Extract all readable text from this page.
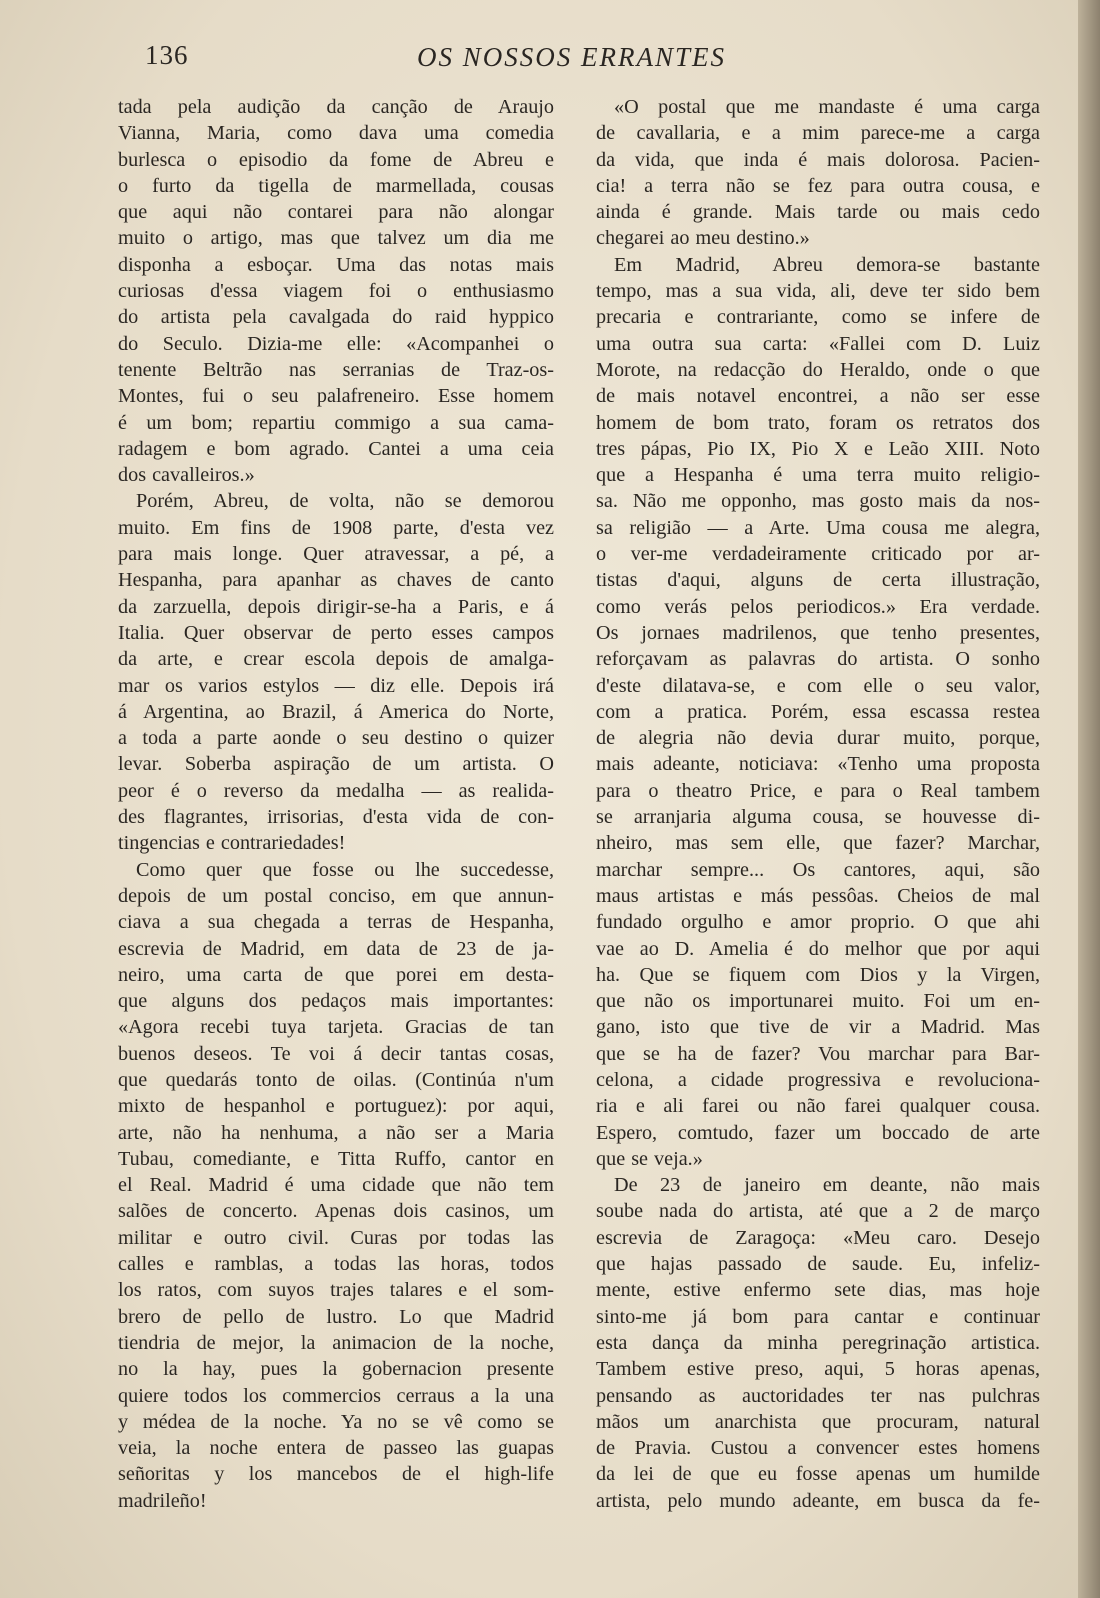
136	OS NOSSOS ERRANTES
tada pela audição da canção de Araujo
Vianna, Maria, como dava uma comedia
burlesca o episodio da fome de Abreu e
o furto da tigella de marmellada, cousas
que aqui não contarei para não alongar
muito o artigo, mas que talvez um dia me
disponha a esboçar. Uma das notas mais
curiosas d'essa viagem foi o enthusiasmo
do artista pela cavalgada do raid hyppico
do Seculo. Dizia-me elle: «Acompanhei o
tenente Beltrão nas serranias de Traz-os-
Montes, fui o seu palafreneiro. Esse homem
é um bom; repartiu commigo a sua cama-
radagem e bom agrado. Cantei a uma ceia
dos cavalleiros.»
Porém, Abreu, de volta, não se demorou
muito. Em fins de 1908 parte, d'esta vez
para mais longe. Quer atravessar, a pé, a
Hespanha, para apanhar as chaves de canto
da zarzuella, depois dirigir-se-ha a Paris, e á
Italia. Quer observar de perto esses campos
da arte, e crear escola depois de amalga-
mar os varios estylos — diz elle. Depois irá
á Argentina, ao Brazil, á America do Norte,
a toda a parte aonde o seu destino o quizer
levar. Soberba aspiração de um artista. O
peor é o reverso da medalha — as realida-
des flagrantes, irrisorias, d'esta vida de con-
tingencias e contrariedades!
Como quer que fosse ou lhe succedesse,
depois de um postal conciso, em que annun-
ciava a sua chegada a terras de Hespanha,
escrevia de Madrid, em data de 23 de ja-
neiro, uma carta de que porei em desta-
que alguns dos pedaços mais importantes:
«Agora recebi tuya tarjeta. Gracias de tan
buenos deseos. Te voi á decir tantas cosas,
que quedarás tonto de oilas. (Continúa n'um
mixto de hespanhol e portuguez): por aqui,
arte, não ha nenhuma, a não ser a Maria
Tubau, comediante, e Titta Ruffo, cantor en
el Real. Madrid é uma cidade que não tem
salões de concerto. Apenas dois casinos, um
militar e outro civil. Curas por todas las
calles e ramblas, a todas las horas, todos
los ratos, com suyos trajes talares e el som-
brero de pello de lustro. Lo que Madrid
tiendria de mejor, la animacion de la noche,
no la hay, pues la gobernacion presente
quiere todos los commercios cerraus a la una
y médea de la noche. Ya no se vê como se
veia, la noche entera de passeo las guapas
señoritas y los mancebos de el high-life
madrileño!
«O postal que me mandaste é uma carga
de cavallaria, e a mim parece-me a carga
da vida, que inda é mais dolorosa. Pacien-
cia! a terra não se fez para outra cousa, e
ainda é grande. Mais tarde ou mais cedo
chegarei ao meu destino.»
Em Madrid, Abreu demora-se bastante
tempo, mas a sua vida, ali, deve ter sido bem
precaria e contrariante, como se infere de
uma outra sua carta: «Fallei com D. Luiz
Morote, na redacção do Heraldo, onde o que
de mais notavel encontrei, a não ser esse
homem de bom trato, foram os retratos dos
tres pápas, Pio IX, Pio X e Leão XIII. Noto
que a Hespanha é uma terra muito religio-
sa. Não me opponho, mas gosto mais da nos-
sa religião — a Arte. Uma cousa me alegra,
o ver-me verdadeiramente criticado por ar-
tistas d'aqui, alguns de certa illustração,
como verás pelos periodicos.» Era verdade.
Os jornaes madrilenos, que tenho presentes,
reforçavam as palavras do artista. O sonho
d'este dilatava-se, e com elle o seu valor,
com a pratica. Porém, essa escassa restea
de alegria não devia durar muito, porque,
mais adeante, noticiava: «Tenho uma proposta
para o theatro Price, e para o Real tambem
se arranjaria alguma cousa, se houvesse di-
nheiro, mas sem elle, que fazer? Marchar,
marchar sempre... Os cantores, aqui, são
maus artistas e más pessôas. Cheios de mal
fundado orgulho e amor proprio. O que ahi
vae ao D. Amelia é do melhor que por aqui
ha. Que se fiquem com Dios y la Virgen,
que não os importunarei muito. Foi um en-
gano, isto que tive de vir a Madrid. Mas
que se ha de fazer? Vou marchar para Bar-
celona, a cidade progressiva e revoluciona-
ria e ali farei ou não farei qualquer cousa.
Espero, comtudo, fazer um boccado de arte
que se veja.»
De 23 de janeiro em deante, não mais
soube nada do artista, até que a 2 de março
escrevia de Zaragoça: «Meu caro. Desejo
que hajas passado de saude. Eu, infeliz-
mente, estive enfermo sete dias, mas hoje
sinto-me já bom para cantar e continuar
esta dança da minha peregrinação artistica.
Tambem estive preso, aqui, 5 horas apenas,
pensando as auctoridades ter nas pulchras
mãos um anarchista que procuram, natural
de Pravia. Custou a convencer estes homens
da lei de que eu fosse apenas um humilde
artista, pelo mundo adeante, em busca da fe-
